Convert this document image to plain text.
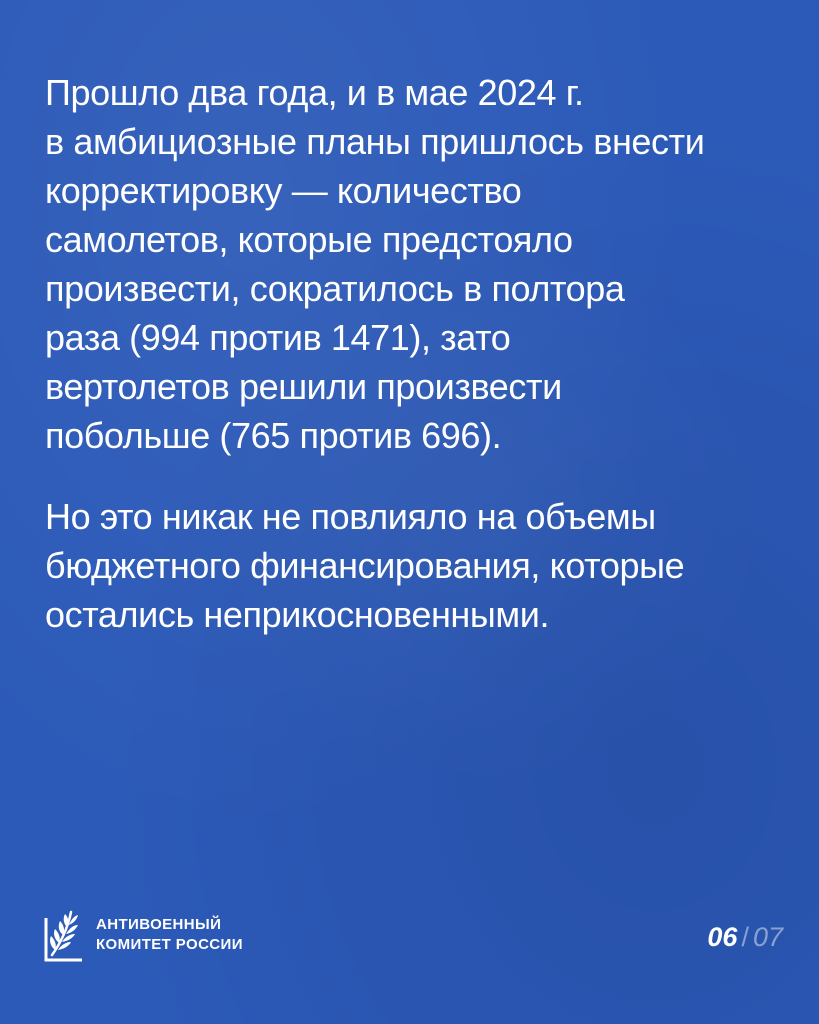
Прошло два года, и в мае 2024 г.
в амбициозные планы пришлось внести
корректировку — количество
самолетов, которые предстояло
произвести, сократилось в полтора
раза (994 против 1471), зато
вертолетов решили произвести
побольше (765 против 696).

Но это никак не повлияло на объемы
бюджетного финансирования, которые
остались неприкосновенными.

АНТИВОЕННЫЙ
КОМИТЕТ РОССИИ	06 / 07
